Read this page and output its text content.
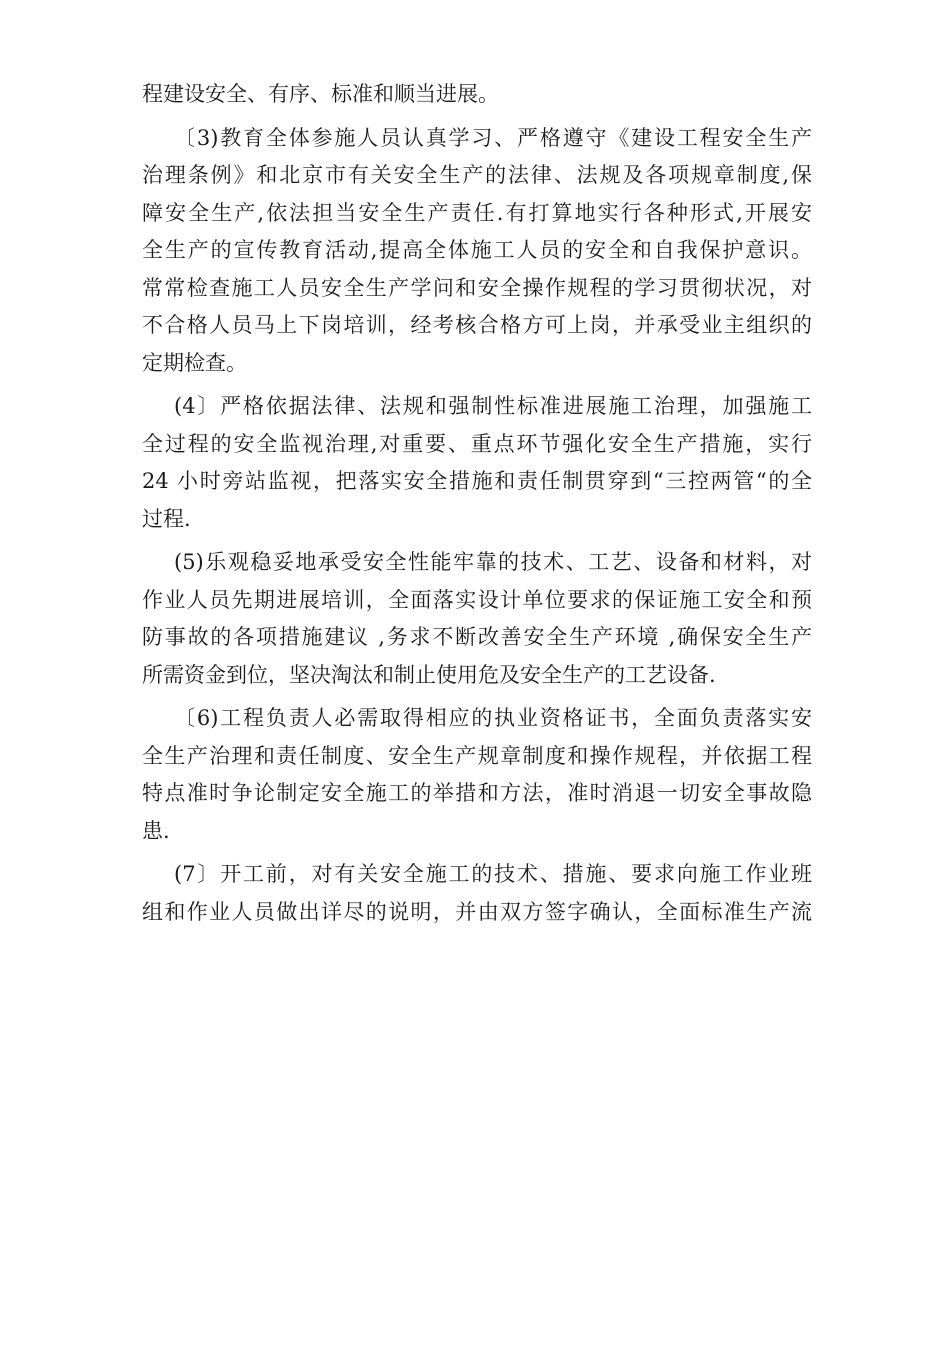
程建设安全、有序、标准和顺当进展。
〔3)教育全体参施人员认真学习、严格遵守《建设工程安全生产
治理条例》和北京市有关安全生产的法律、法规及各项规章制度,保
障安全生产,依法担当安全生产责任.有打算地实行各种形式,开展安
全生产的宣传教育活动,提高全体施工人员的安全和自我保护意识。
常常检查施工人员安全生产学问和安全操作规程的学习贯彻状况，对
不合格人员马上下岗培训，经考核合格方可上岗，并承受业主组织的
定期检查。
(4〕严格依据法律、法规和强制性标准进展施工治理，加强施工
全过程的安全监视治理,对重要、重点环节强化安全生产措施，实行
24 小时旁站监视，把落实安全措施和责任制贯穿到“三控两管“的全
过程.
(5)乐观稳妥地承受安全性能牢靠的技术、工艺、设备和材料，对
作业人员先期进展培训，全面落实设计单位要求的保证施工安全和预
防事故的各项措施建议 ,务求不断改善安全生产环境 ,确保安全生产
所需资金到位，坚决淘汰和制止使用危及安全生产的工艺设备.
〔6)工程负责人必需取得相应的执业资格证书，全面负责落实安
全生产治理和责任制度、安全生产规章制度和操作规程，并依据工程
特点准时争论制定安全施工的举措和方法，准时消退一切安全事故隐
患.
(7〕开工前，对有关安全施工的技术、措施、要求向施工作业班
组和作业人员做出详尽的说明，并由双方签字确认，全面标准生产流
